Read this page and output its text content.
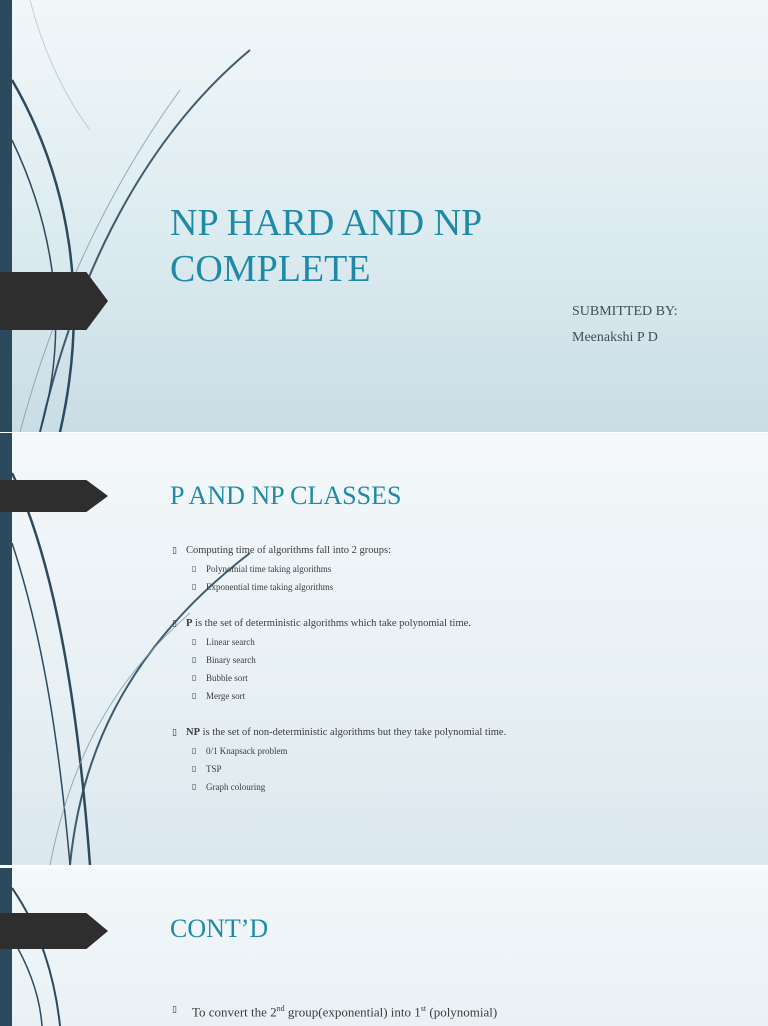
NP HARD AND NP
COMPLETE

SUBMITTED BY:

Meenakshi P D

P AND NP CLASSES
▯ Computing time of algorithms fall into 2 groups:
▯ Polynomial time taking algorithms
▯ Exponential time taking algorithms
▯ P is the set of deterministic algorithms which take polynomial time.
▯ Linear search
▯ Binary search
▯ Bubble sort
▯ Merge sort
▯ NP is the set of non-deterministic algorithms but they take polynomial time.
▯ 0/1 Knapsack problem
▯ TSP
▯ Graph colouring
CONT’D
▯ To convert the 2nd group(exponential) into 1st (polynomial)
